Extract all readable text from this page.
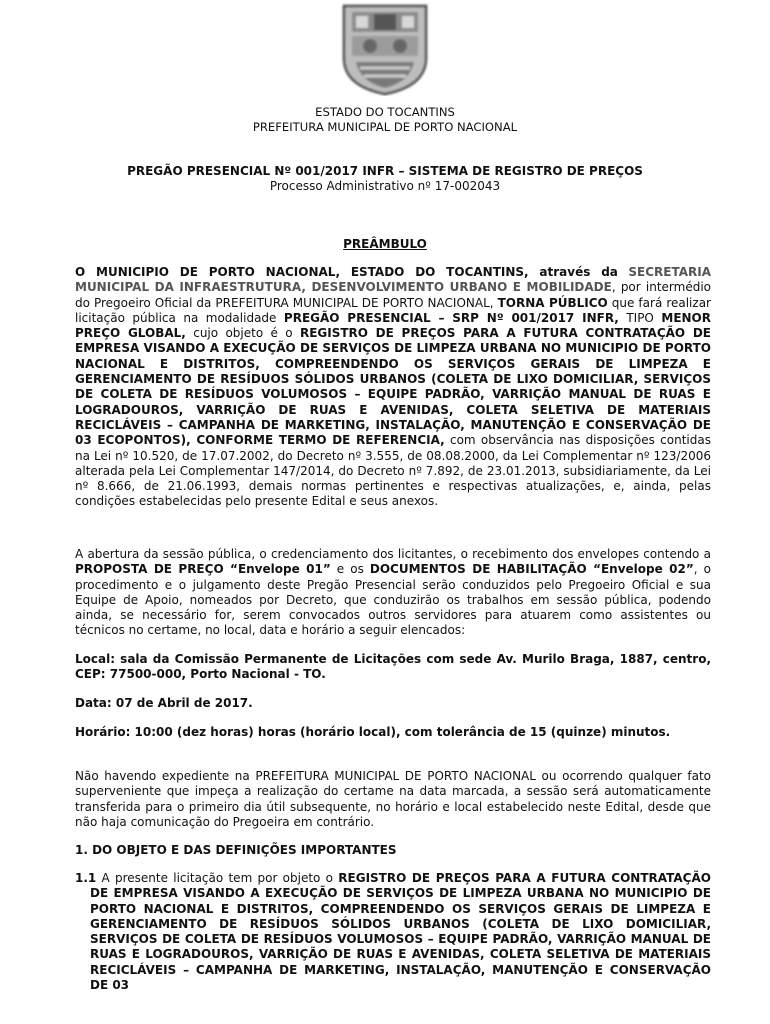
ESTADO DO TOCANTINS
PREFEITURA MUNICIPAL DE PORTO NACIONAL
PREGÃO PRESENCIAL Nº 001/2017 INFR – SISTEMA DE REGISTRO DE PREÇOS
Processo Administrativo nº 17-002043
PREÂMBULO
O MUNICIPIO DE PORTO NACIONAL, ESTADO DO TOCANTINS, através da SECRETARIA MUNICIPAL DA INFRAESTRUTURA, DESENVOLVIMENTO URBANO E MOBILIDADE, por intermédio do Pregoeiro Oficial da PREFEITURA MUNICIPAL DE PORTO NACIONAL, TORNA PÚBLICO que fará realizar licitação pública na modalidade PREGÃO PRESENCIAL – SRP Nº 001/2017 INFR, TIPO MENOR PREÇO GLOBAL, cujo objeto é o REGISTRO DE PREÇOS PARA A FUTURA CONTRATAÇÃO DE EMPRESA VISANDO A EXECUÇÃO DE SERVIÇOS DE LIMPEZA URBANA NO MUNICIPIO DE PORTO NACIONAL E DISTRITOS, COMPREENDENDO OS SERVIÇOS GERAIS DE LIMPEZA E GERENCIAMENTO DE RESÍDUOS SÓLIDOS URBANOS (COLETA DE LIXO DOMICILIAR, SERVIÇOS DE COLETA DE RESÍDUOS VOLUMOSOS – EQUIPE PADRÃO, VARRIÇÃO MANUAL DE RUAS E LOGRADOUROS, VARRIÇÃO DE RUAS E AVENIDAS, COLETA SELETIVA DE MATERIAIS RECICLÁVEIS – CAMPANHA DE MARKETING, INSTALAÇÃO, MANUTENÇÃO E CONSERVAÇÃO DE 03 ECOPONTOS), CONFORME TERMO DE REFERENCIA, com observância nas disposições contidas na Lei nº 10.520, de 17.07.2002, do Decreto nº 3.555, de 08.08.2000, da Lei Complementar nº 123/2006 alterada pela Lei Complementar 147/2014, do Decreto nº 7.892, de 23.01.2013, subsidiariamente, da Lei nº 8.666, de 21.06.1993, demais normas pertinentes e respectivas atualizações, e, ainda, pelas condições estabelecidas pelo presente Edital e seus anexos.
A abertura da sessão pública, o credenciamento dos licitantes, o recebimento dos envelopes contendo a PROPOSTA DE PREÇO “Envelope 01” e os DOCUMENTOS DE HABILITAÇÃO “Envelope 02”, o procedimento e o julgamento deste Pregão Presencial serão conduzidos pelo Pregoeiro Oficial e sua Equipe de Apoio, nomeados por Decreto, que conduzirão os trabalhos em sessão pública, podendo ainda, se necessário for, serem convocados outros servidores para atuarem como assistentes ou técnicos no certame, no local, data e horário a seguir elencados:
Local: sala da Comissão Permanente de Licitações com sede Av. Murilo Braga, 1887, centro, CEP: 77500-000, Porto Nacional - TO.
Data: 07 de Abril de 2017.
Horário: 10:00 (dez horas) horas (horário local), com tolerância de 15 (quinze) minutos.
Não havendo expediente na PREFEITURA MUNICIPAL DE PORTO NACIONAL ou ocorrendo qualquer fato superveniente que impeça a realização do certame na data marcada, a sessão será automaticamente transferida para o primeiro dia útil subsequente, no horário e local estabelecido neste Edital, desde que não haja comunicação do Pregoeira em contrário.
1. DO OBJETO E DAS DEFINIÇÕES IMPORTANTES
1.1 A presente licitação tem por objeto o REGISTRO DE PREÇOS PARA A FUTURA CONTRATAÇÃO DE EMPRESA VISANDO A EXECUÇÃO DE SERVIÇOS DE LIMPEZA URBANA NO MUNICIPIO DE PORTO NACIONAL E DISTRITOS, COMPREENDENDO OS SERVIÇOS GERAIS DE LIMPEZA E GERENCIAMENTO DE RESÍDUOS SÓLIDOS URBANOS (COLETA DE LIXO DOMICILIAR, SERVIÇOS DE COLETA DE RESÍDUOS VOLUMOSOS – EQUIPE PADRÃO, VARRIÇÃO MANUAL DE RUAS E LOGRADOUROS, VARRIÇÃO DE RUAS E AVENIDAS, COLETA SELETIVA DE MATERIAIS RECICLÁVEIS – CAMPANHA DE MARKETING, INSTALAÇÃO, MANUTENÇÃO E CONSERVAÇÃO DE 03
